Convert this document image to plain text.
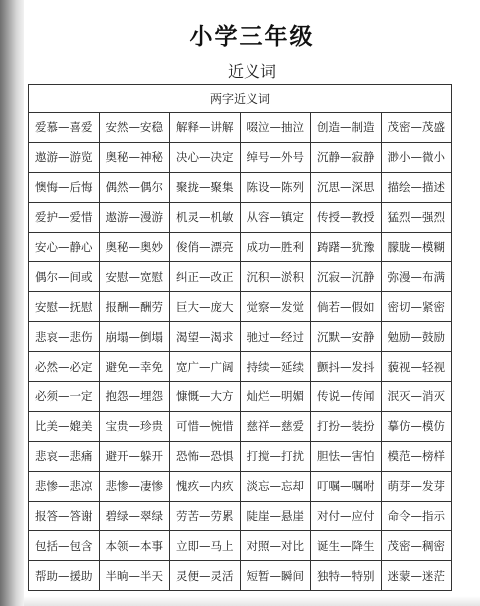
小学三年级
近义词
两字近义词					
爱慕—喜爱	安然—安稳	解释—讲解	啜泣—抽泣	创造—制造	茂密—茂盛
遨游—游览	奥秘—神秘	决心—决定	绰号—外号	沉静—寂静	渺小—微小
懊悔—后悔	偶然—偶尔	聚拢—聚集	陈设—陈列	沉思—深思	描绘—描述
爱护—爱惜	遨游—漫游	机灵—机敏	从容—镇定	传授—教授	猛烈—强烈
安心—静心	奥秘—奥妙	俊俏—漂亮	成功—胜利	踌躇—犹豫	朦胧—模糊
偶尔—间或	安慰—宽慰	纠正—改正	沉积—淤积	沉寂—沉静	弥漫—布满
安慰—抚慰	报酬—酬劳	巨大—庞大	觉察—发觉	倘若—假如	密切—紧密
悲哀—悲伤	崩塌—倒塌	渴望—渴求	驰过—经过	沉默—安静	勉励—鼓励
必然—必定	避免—幸免	宽广—广阔	持续—延续	颤抖—发抖	藐视—轻视
必须—一定	抱怨—埋怨	慷慨—大方	灿烂—明媚	传说—传闻	泯灭—消灭
比美—媲美	宝贵—珍贵	可惜—惋惜	慈祥—慈爱	打扮—装扮	摹仿—模仿
悲哀—悲痛	避开—躲开	恐怖—恐惧	打搅—打扰	胆怯—害怕	模范—榜样
悲惨—悲凉	悲惨—凄惨	愧疚—内疚	淡忘—忘却	叮嘱—嘱咐	萌芽—发芽
报答—答谢	碧绿—翠绿	劳苦—劳累	陡崖—悬崖	对付—应付	命令—指示
包括—包含	本领—本事	立即—马上	对照—对比	诞生—降生	茂密—稠密
帮助—援助	半晌—半天	灵便—灵活	短暂—瞬间	独特—特别	迷蒙—迷茫
